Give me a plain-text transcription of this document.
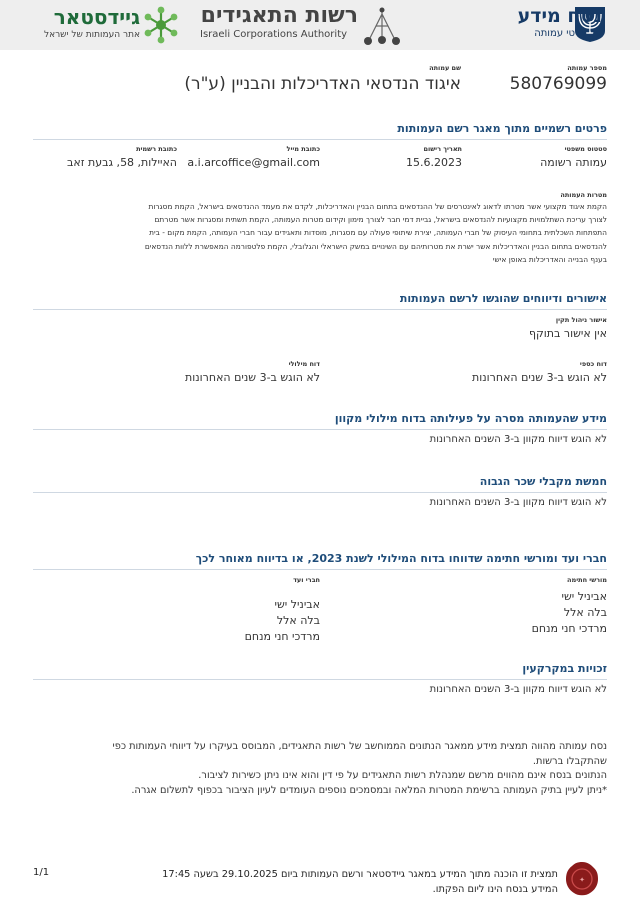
נסח מידע
על פרטי עמותה
רשות התאגידים
Israeli Corporations Authority
גיידסטאר
אתר העמותות של ישראל
מספר עמותה
580769099
שם עמותה
איגוד הנדסאי האדריכלות והבניין (ע"ר)
פרטים רשמיים מתוך מאגר רשם העמותות
סטטוס משפטי
עמותה רשומה
תאריך רישום
15.6.2023
כתובת מייל
a.i.arcoffice@gmail.com
כתובת רשמית
האיילות, 58, גבעת זאב
מטרות העמותה
הקמת איגוד מקצועי אשר מטרתו לדאוג לאינטרסים של ההנדסאים בתחום הבניין והאדריכלות, לקדם את מעמד ההנדסאים בישראל, הקמת מסגרות
לצורך עריכת השתלמויות מקצועיות להנדסאים בישראל, גביית דמי חבר לצורך מימון וקידום מטרות העמותה, הקמת תשתית ומסגרות אשר מטרתם
התפתחות השכלתית בתחומי העיסוק של חברי העמותה, יצירת שיתופי פעולה עם מסגרות, מוסדות ותאגידים עבור חברי העמותה, הקמת מקום - בית
להנדסאים בתחום הבניין והאדריכלות אשר ישרת את מטרותיהם עם השינויים במשק הישראלי והגלובלי, הקמת פלטפורמה המאפשרת ללוות הנדסאים
בענף הבנייה והאדריכלות באופן אישי
אישורים ודיווחים שהוגשו לרשם העמותות
אישור ניהול תקין
אין אישור בתוקף
דוח כספי
לא הוגש ב-3 שנים האחרונות
דוח מילולי
לא הוגש ב-3 שנים האחרונות
מידע שהעמותה מסרה על פעילותה בדוח מילולי מקוון
לא הוגש דיווח מקוון ב-3 השנים האחרונות
חמשת מקבלי שכר הגבוה
לא הוגש דיווח מקוון ב-3 השנים האחרונות
חברי ועד ומורשי חתימה שדווחו בדוח המילולי לשנת 2023, או בדיווח מאוחר לכך
מורשי חתימה
אביניל ישי
בלה אלל
מרדכי חני מנחם
חברי ועד
אביניל ישי
בלה אלל
מרדכי חני מנחם
זכויות במקרקעין
לא הוגש דיווח מקוון ב-3 השנים האחרונות
נסח עמותה מהווה תמצית מידע ממאגר הנתונים הממוחשב של רשות התאגידים, המבוסס בעיקרו על דיווחי העמותות כפי
שהתקבלו ברשות.
הנתונים בנסח אינם מהווים מרשם שמנהלת רשות התאגידים על פי דין והוא אינו ניתן כשירות לציבור.
*ניתן לעיין בתיק העמותה ברשימת המטרות המלאה ובמסמכים נוספים העומדים לעיון הציבור בכפוף לתשלום אגרה.
✦
תמצית זו הוכנה מתוך המידע במאגר גיידסטאר ורשם העמותות ביום 29.10.2025 בשעה 17:45
המידע בנסח הינו ליום הפקתו.
1/1
